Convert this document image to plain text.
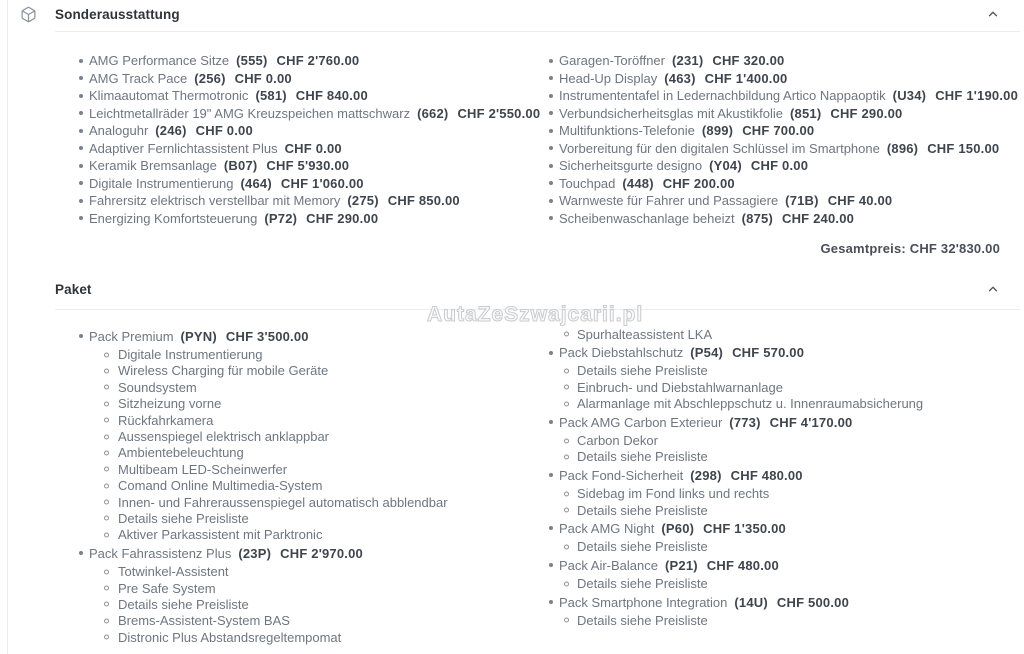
Sonderausstattung
AMG Performance Sitze (555) CHF 2'760.00
AMG Track Pace (256) CHF 0.00
Klimaautomat Thermotronic (581) CHF 840.00
Leichtmetallräder 19" AMG Kreuzspeichen mattschwarz (662) CHF 2'550.00
Analoguhr (246) CHF 0.00
Adaptiver Fernlichtassistent Plus CHF 0.00
Keramik Bremsanlage (B07) CHF 5'930.00
Digitale Instrumentierung (464) CHF 1'060.00
Fahrersitz elektrisch verstellbar mit Memory (275) CHF 850.00
Energizing Komfortsteuerung (P72) CHF 290.00
Garagen-Toröffner (231) CHF 320.00
Head-Up Display (463) CHF 1'400.00
Instrumententafel in Ledernachbildung Artico Nappaoptik (U34) CHF 1'190.00
Verbundsicherheitsglas mit Akustikfolie (851) CHF 290.00
Multifunktions-Telefonie (899) CHF 700.00
Vorbereitung für den digitalen Schlüssel im Smartphone (896) CHF 150.00
Sicherheitsgurte designo (Y04) CHF 0.00
Touchpad (448) CHF 200.00
Warnweste für Fahrer und Passagiere (71B) CHF 40.00
Scheibenwaschanlage beheizt (875) CHF 240.00
Gesamtpreis: CHF 32'830.00
AutaZeSzwajcarii.pl
Paket
Pack Premium (PYN) CHF 3'500.00
Digitale Instrumentierung
Wireless Charging für mobile Geräte
Soundsystem
Sitzheizung vorne
Rückfahrkamera
Aussenspiegel elektrisch anklappbar
Ambientebeleuchtung
Multibeam LED-Scheinwerfer
Comand Online Multimedia-System
Innen- und Fahreraussenspiegel automatisch abblendbar
Details siehe Preisliste
Aktiver Parkassistent mit Parktronic
Pack Fahrassistenz Plus (23P) CHF 2'970.00
Totwinkel-Assistent
Pre Safe System
Details siehe Preisliste
Brems-Assistent-System BAS
Distronic Plus Abstandsregeltempomat
Spurhalteassistent LKA
Pack Diebstahlschutz (P54) CHF 570.00
Details siehe Preisliste
Einbruch- und Diebstahlwarnanlage
Alarmanlage mit Abschleppschutz u. Innenraumabsicherung
Pack AMG Carbon Exterieur (773) CHF 4'170.00
Carbon Dekor
Details siehe Preisliste
Pack Fond-Sicherheit (298) CHF 480.00
Sidebag im Fond links und rechts
Details siehe Preisliste
Pack AMG Night (P60) CHF 1'350.00
Details siehe Preisliste
Pack Air-Balance (P21) CHF 480.00
Details siehe Preisliste
Pack Smartphone Integration (14U) CHF 500.00
Details siehe Preisliste
